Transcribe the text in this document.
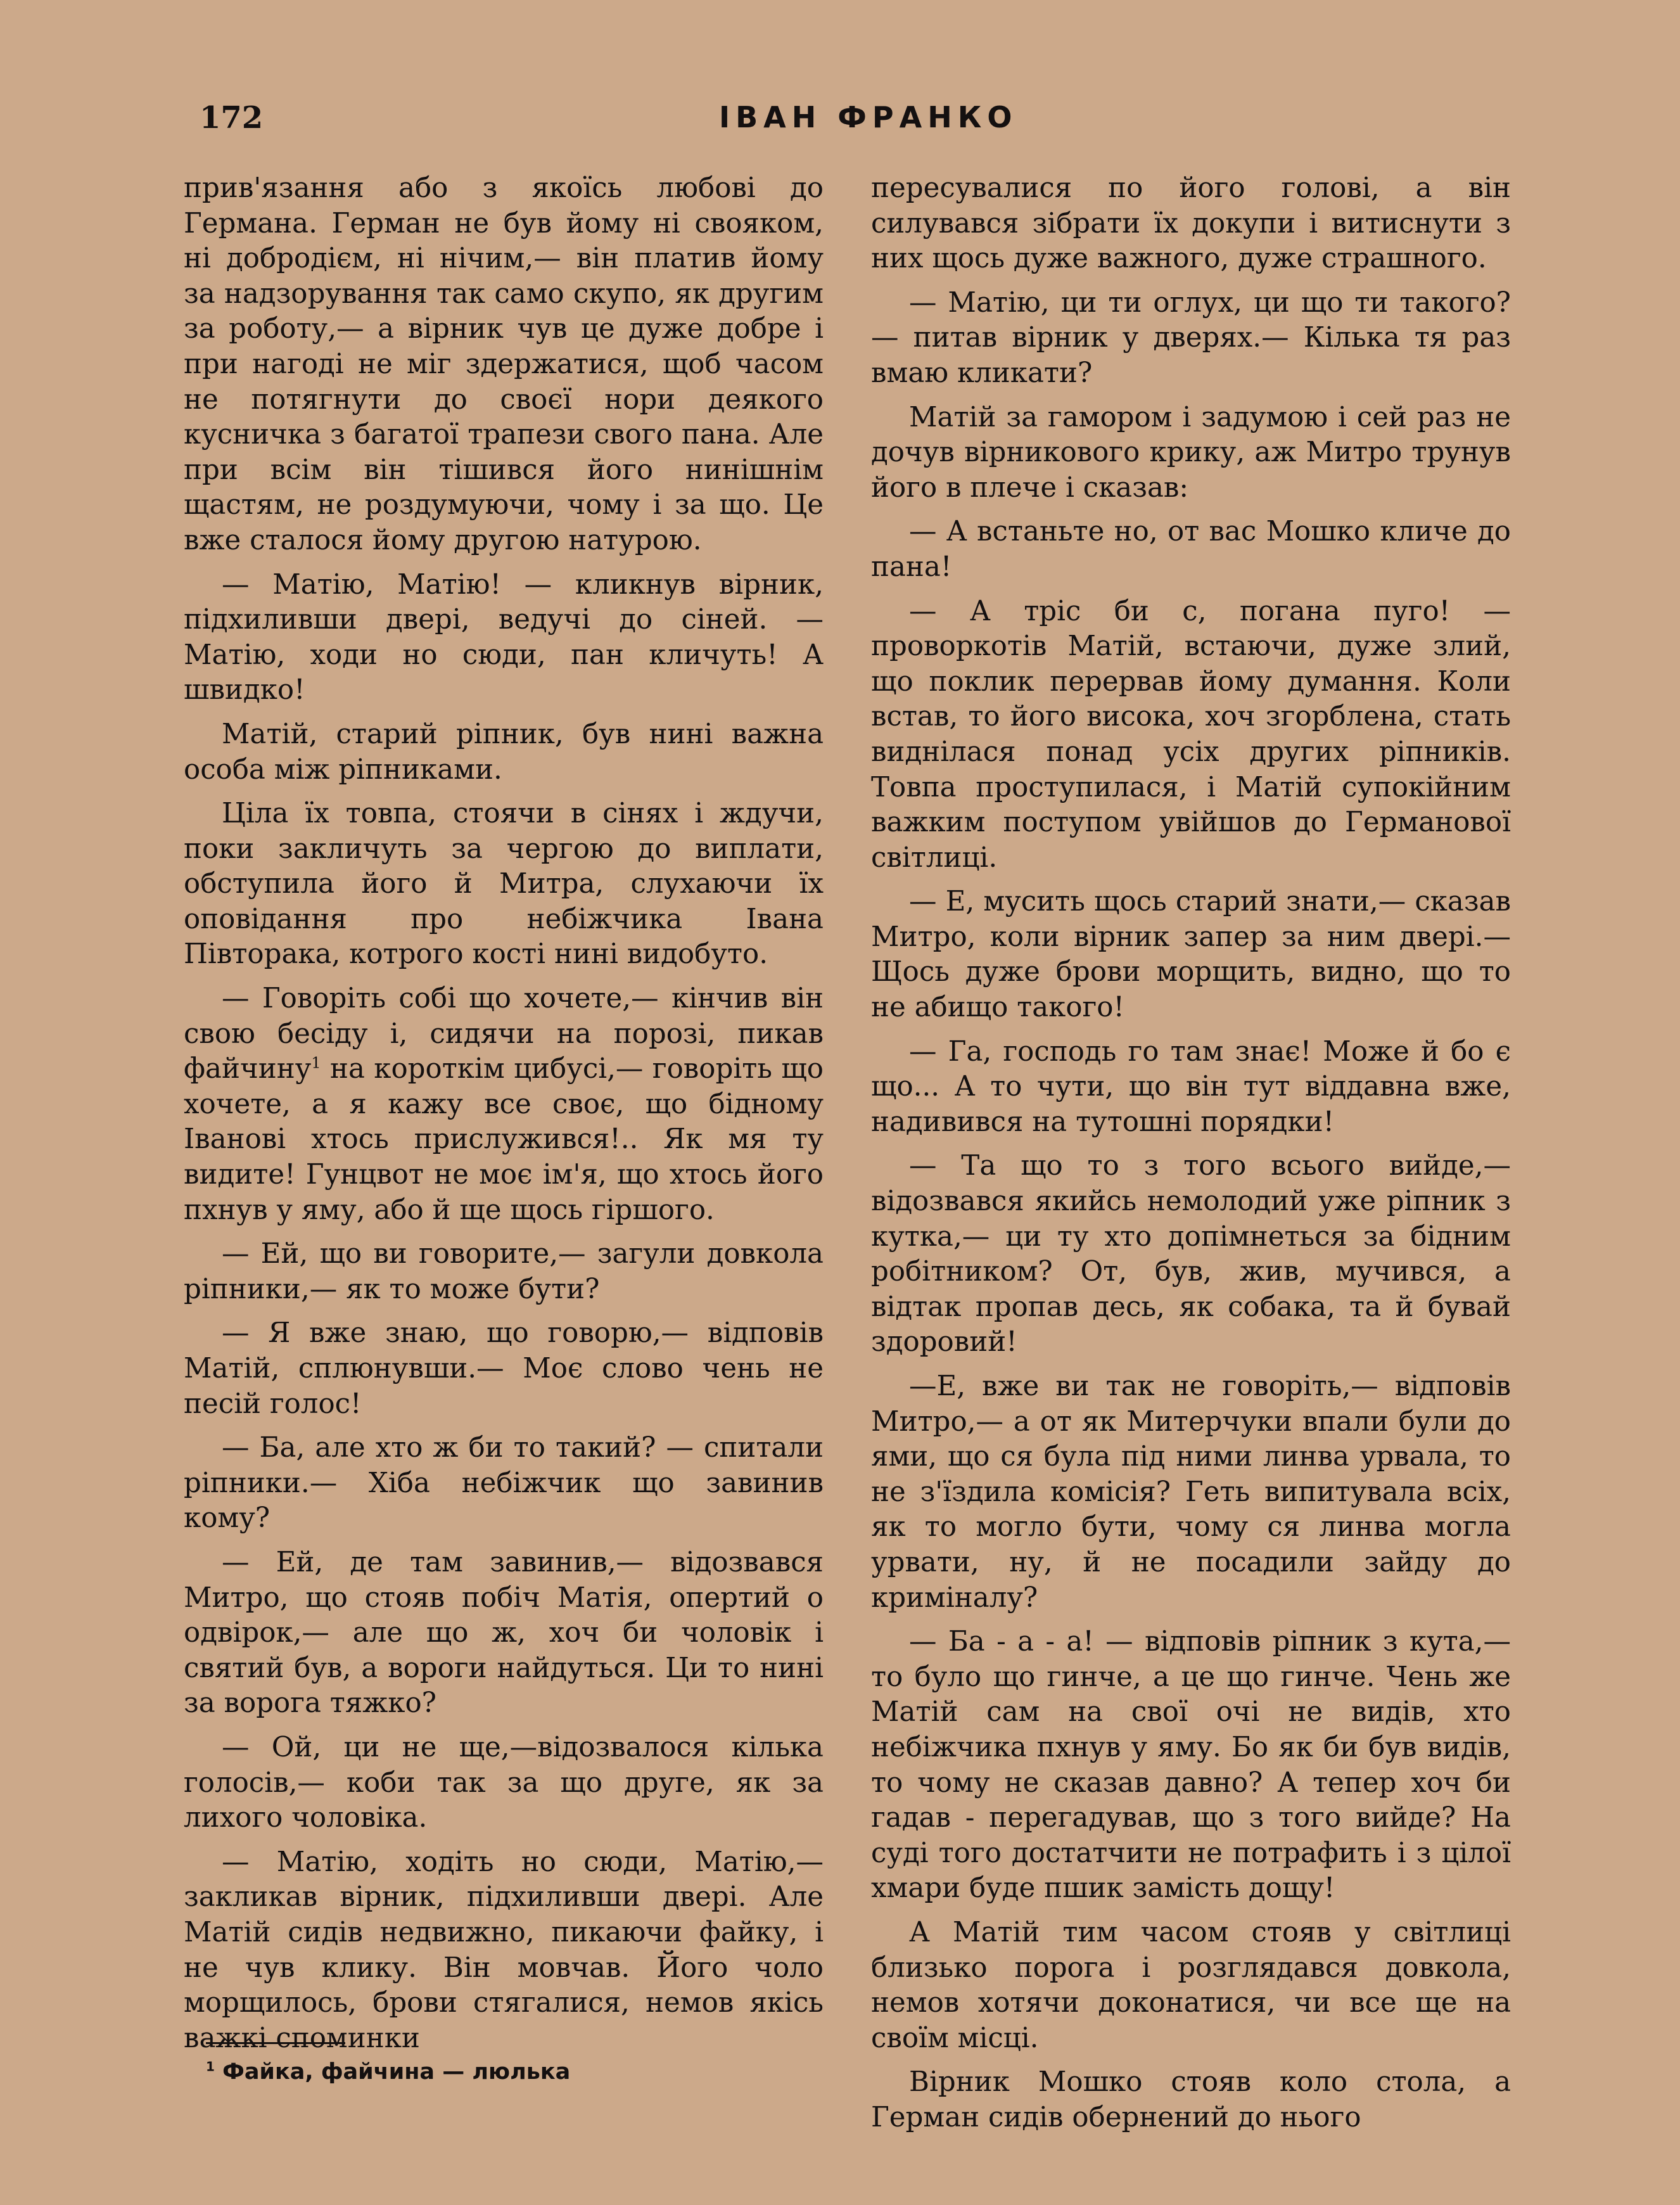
172	ІВАН ФРАНКО

прив'язання або з якоїсь любові до Германа. Герман не був йому ні свояком, ні добродієм, ні нічим,— він платив йому за надзорування так само скупо, як другим за роботу,— а вірник чув це дуже добре і при нагоді не міг здержатися, щоб часом не потягнути до своєї нори деякого кусничка з багатої трапези свого пана. Але при всім він тішився його нинішнім щастям, не роздумуючи, чому і за що. Це вже сталося йому другою натурою.

— Матію, Матію! — кликнув вірник, підхиливши двері, ведучі до сіней. — Матію, ходи но сюди, пан кличуть! А швидко!

Матій, старий ріпник, був нині важна особа між ріпниками.

Ціла їх товпа, стоячи в сінях і ждучи, поки закличуть за чергою до виплати, обступила його й Митра, слухаючи їх оповідання про небіжчика Івана Півторака, котрого кості нині видобуто.

— Говоріть собі що хочете,— кінчив він свою бесіду і, сидячи на порозі, пикав файчину$^1$ на короткім цибусі,— говоріть що хочете, а я кажу все своє, що бідному Іванові хтось прислужився!.. Як мя ту видите! Гунцвот не моє ім'я, що хтось його пхнув у яму, або й ще щось гіршого.

— Ей, що ви говорите,— загули довкола ріпники,— як то може бути?

— Я вже знаю, що говорю,— відповів Матій, сплюнувши.— Моє слово чень не песій голос!

— Ба, але хто ж би то такий? — спитали ріпники.— Хіба небіжчик що завинив кому?

— Ей, де там завинив,— відозвався Митро, що стояв побіч Матія, опертий о одвірок,— але що ж, хоч би чоловік і святий був, а вороги найдуться. Ци то нині за ворога тяжко?

— Ой, ци не ще,—відозвалося кілька голосів,— коби так за що друге, як за лихого чоловіка.

— Матію, ходіть но сюди, Матію,— закликав вірник, підхиливши двері. Але Матій сидів недвижно, пикаючи файку, і не чув клику. Він мовчав. Його чоло морщилось, брови стягалися, немов якісь важкі споминки

пересувалися по його голові, а він силувався зібрати їх докупи і витиснути з них щось дуже важного, дуже страшного.

— Матію, ци ти оглух, ци що ти такого? — питав вірник у дверях.— Кілька тя раз вмаю кликати?

Матій за гамором і задумою і сей раз не дочув вірникового крику, аж Митро трунув його в плече і сказав:

— А встаньте но, от вас Мошко кличе до пана!

— А тріс би с, погана пуго! — проворкотів Матій, встаючи, дуже злий, що поклик перервав йому думання. Коли встав, то його висока, хоч згорблена, стать виднілася понад усіх других ріпників. Товпа проступилася, і Матій супокійним важким поступом увійшов до Германової світлиці.

— Е, мусить щось старий знати,— сказав Митро, коли вірник запер за ним двері.— Щось дуже брови морщить, видно, що то не абищо такого!

— Га, господь го там знає! Може й бо є що... А то чути, що він тут віддавна вже, надивився на тутошні порядки!

— Та що то з того всього вийде,— відозвався якийсь немолодий уже ріпник з кутка,— ци ту хто допімнеться за бідним робітником? От, був, жив, мучився, а відтак пропав десь, як собака, та й бувай здоровий!

—Е, вже ви так не говоріть,— відповів Митро,— а от як Митерчуки впали були до ями, що ся була під ними линва урвала, то не з'їздила комісія? Геть випитувала всіх, як то могло бути, чому ся линва могла урвати, ну, й не посадили зайду до криміналу?

— Ба - а - а! — відповів ріпник з кута,— то було що гинче, а це що гинче. Чень же Матій сам на свої очі не видів, хто небіжчика пхнув у яму. Бо як би був видів, то чому не сказав давно? А тепер хоч би гадав - перегадував, що з того вийде? На суді того достатчити не потрафить і з цілої хмари буде пшик замість дощу!

А Матій тим часом стояв у світлиці близько порога і розглядався довкола, немов хотячи доконатися, чи все ще на своїм місці.

Вірник Мошко стояв коло стола, а Герман сидів обернений до нього

$^1$ Файка, файчина — люлька
